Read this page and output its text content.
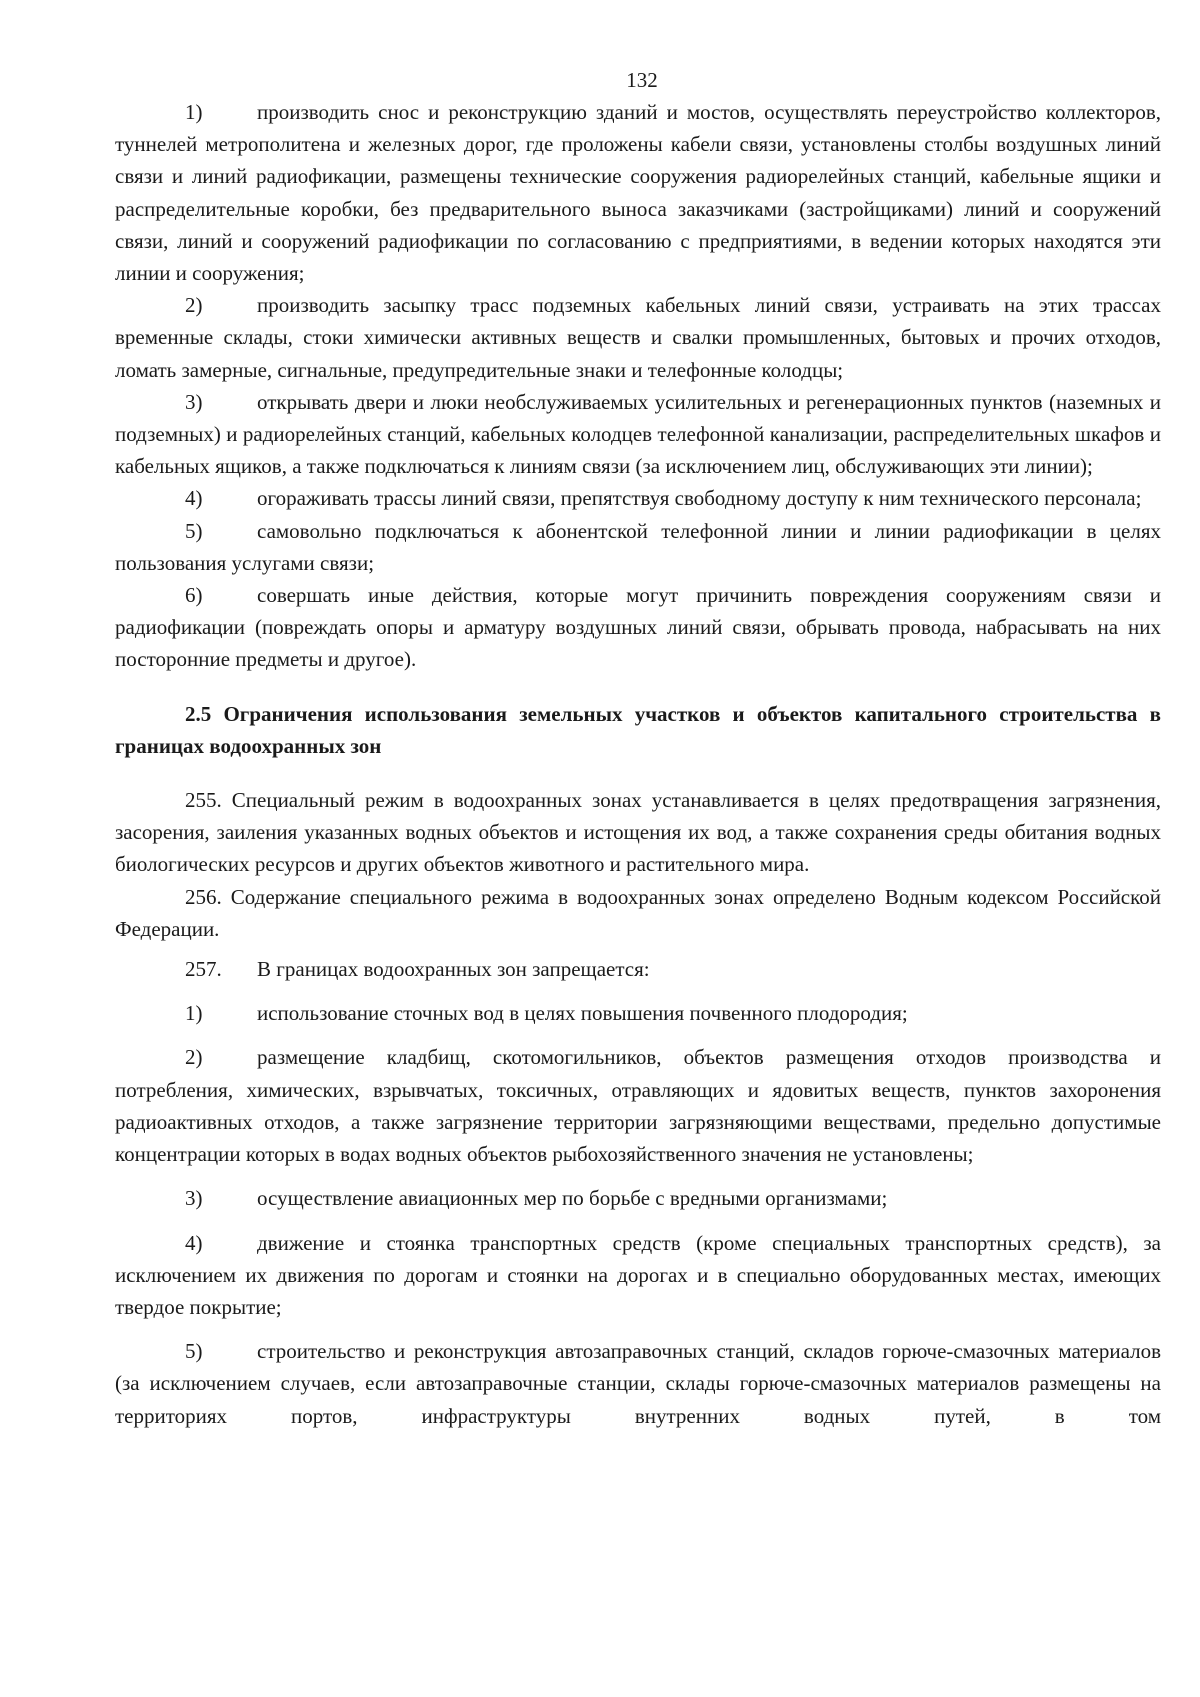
132

1)	производить снос и реконструкцию зданий и мостов, осуществлять переустройство коллекторов, туннелей метрополитена и железных дорог, где проложены кабели связи, установлены столбы воздушных линий связи и линий радиофикации, размещены технические сооружения радиорелейных станций, кабельные ящики и распределительные коробки, без предварительного выноса заказчиками (застройщиками) линий и сооружений связи, линий и сооружений радиофикации по согласованию с предприятиями, в ведении которых находятся эти линии и сооружения;

2)	производить засыпку трасс подземных кабельных линий связи, устраивать на этих трассах временные склады, стоки химически активных веществ и свалки промышленных, бытовых и прочих отходов, ломать замерные, сигнальные, предупредительные знаки и телефонные колодцы;

3)	открывать двери и люки необслуживаемых усилительных и регенерационных пунктов (наземных и подземных) и радиорелейных станций, кабельных колодцев телефонной канализации, распределительных шкафов и кабельных ящиков, а также подключаться к линиям связи (за исключением лиц, обслуживающих эти линии);

4)	огораживать трассы линий связи, препятствуя свободному доступу к ним технического персонала;

5)	самовольно подключаться к абонентской телефонной линии и линии радиофикации в целях пользования услугами связи;

6)	совершать иные действия, которые могут причинить повреждения сооружениям связи и радиофикации (повреждать опоры и арматуру воздушных линий связи, обрывать провода, набрасывать на них посторонние предметы и другое).

2.5 Ограничения использования земельных участков и объектов капитального строительства в границах водоохранных зон

255. Специальный режим в водоохранных зонах устанавливается в целях предотвращения загрязнения, засорения, заиления указанных водных объектов и истощения их вод, а также сохранения среды обитания водных биологических ресурсов и других объектов животного и растительного мира.

256. Содержание специального режима в водоохранных зонах определено Водным кодексом Российской Федерации.

257. В границах водоохранных зон запрещается:

1)	использование сточных вод в целях повышения почвенного плодородия;

2)	размещение кладбищ, скотомогильников, объектов размещения отходов производства и потребления, химических, взрывчатых, токсичных, отравляющих и ядовитых веществ, пунктов захоронения радиоактивных отходов, а также загрязнение территории загрязняющими веществами, предельно допустимые концентрации которых в водах водных объектов рыбохозяйственного значения не установлены;

3)	осуществление авиационных мер по борьбе с вредными организмами;

4)	движение и стоянка транспортных средств (кроме специальных транспортных средств), за исключением их движения по дорогам и стоянки на дорогах и в специально оборудованных местах, имеющих твердое покрытие;

5)	строительство и реконструкция автозаправочных станций, складов горюче-смазочных материалов (за исключением случаев, если автозаправочные станции, склады горюче-смазочных материалов размещены на территориях портов, инфраструктуры внутренних водных путей, в том
